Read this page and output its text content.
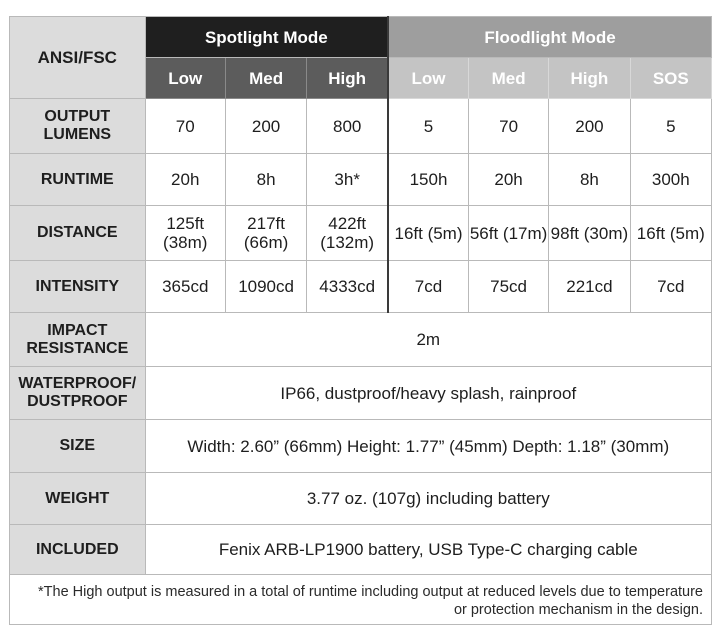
ANSI/FSC	Spotlight Mode			Floodlight Mode			
	Low	Med	High	Low	Med	High	SOS
OUTPUT LUMENS	70	200	800	5	70	200	5
RUNTIME	20h	8h	3h*	150h	20h	8h	300h
DISTANCE	125ft (38m)	217ft (66m)	422ft (132m)	16ft (5m)	56ft (17m)	98ft (30m)	16ft (5m)
INTENSITY	365cd	1090cd	4333cd	7cd	75cd	221cd	7cd
IMPACT RESISTANCE	2m						
WATERPROOF/ DUSTPROOF	IP66, dustproof/heavy splash, rainproof						
SIZE	Width: 2.60” (66mm) Height: 1.77” (45mm) Depth: 1.18” (30mm)						
WEIGHT	3.77 oz. (107g) including battery						
INCLUDED	Fenix ARB-LP1900 battery, USB Type-C charging cable						

*The High output is measured in a total of runtime including output at reduced levels due to temperature
or protection mechanism in the design.							
